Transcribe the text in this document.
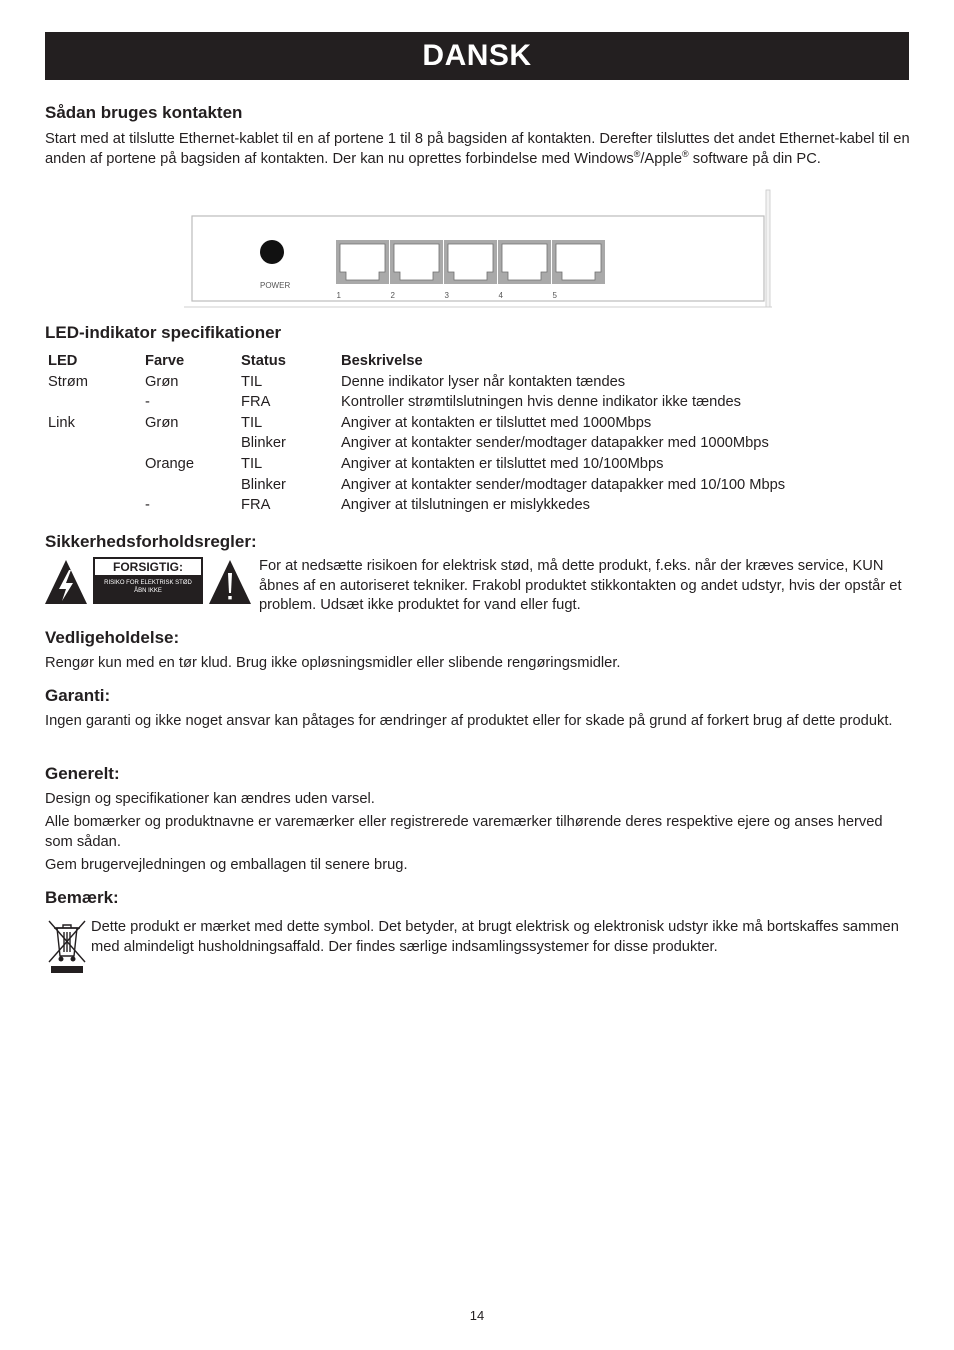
DANSK
Sådan bruges kontakten

Start med at tilslutte Ethernet-kablet til en af portene 1 til 8 på bagsiden af kontakten. Derefter tilsluttes det andet Ethernet-kabel til en anden af portene på bagsiden af kontakten. Der kan nu oprettes forbindelse med Windows®/Apple® software på din PC.

POWER
1	2	3	4	5
LED-indikator specifikationer
LED	Farve	Status	Beskrivelse
Strøm	Grøn	TIL	Denne indikator lyser når kontakten tændes
	-	FRA	Kontroller strømtilslutningen hvis denne indikator ikke tændes
Link	Grøn	TIL	Angiver at kontakten er tilsluttet med 1000Mbps
		Blinker	Angiver at kontakter sender/modtager datapakker med 1000Mbps
	Orange	TIL	Angiver at kontakten er tilsluttet med 10/100Mbps
		Blinker	Angiver at kontakter sender/modtager datapakker med 10/100 Mbps
	-	FRA	Angiver at tilslutningen er mislykkedes
Sikkerhedsforholdsregler:
FORSIGTIG:
RISIKO FOR ELEKTRISK STØD
ÅBN IKKE

For at nedsætte risikoen for elektrisk stød, må dette produkt, f.eks. når der kræves service, KUN åbnes af en autoriseret tekniker. Frakobl produktet stikkontakten og andet udstyr, hvis der opstår et problem. Udsæt ikke produktet for vand eller fugt.

Vedligeholdelse:

Rengør kun med en tør klud. Brug ikke opløsningsmidler eller slibende rengøringsmidler.

Garanti:

Ingen garanti og ikke noget ansvar kan påtages for ændringer af produktet eller for skade på grund af forkert brug af dette produkt.

Generelt:

Design og specifikationer kan ændres uden varsel.

Alle bomærker og produktnavne er varemærker eller registrerede varemærker tilhørende deres respektive ejere og anses herved som sådan.

Gem brugervejledningen og emballagen til senere brug.

Bemærk:

Dette produkt er mærket med dette symbol. Det betyder, at brugt elektrisk og elektronisk udstyr ikke må bortskaffes sammen med almindeligt husholdningsaffald. Der findes særlige indsamlingssystemer for disse produkter.

14
